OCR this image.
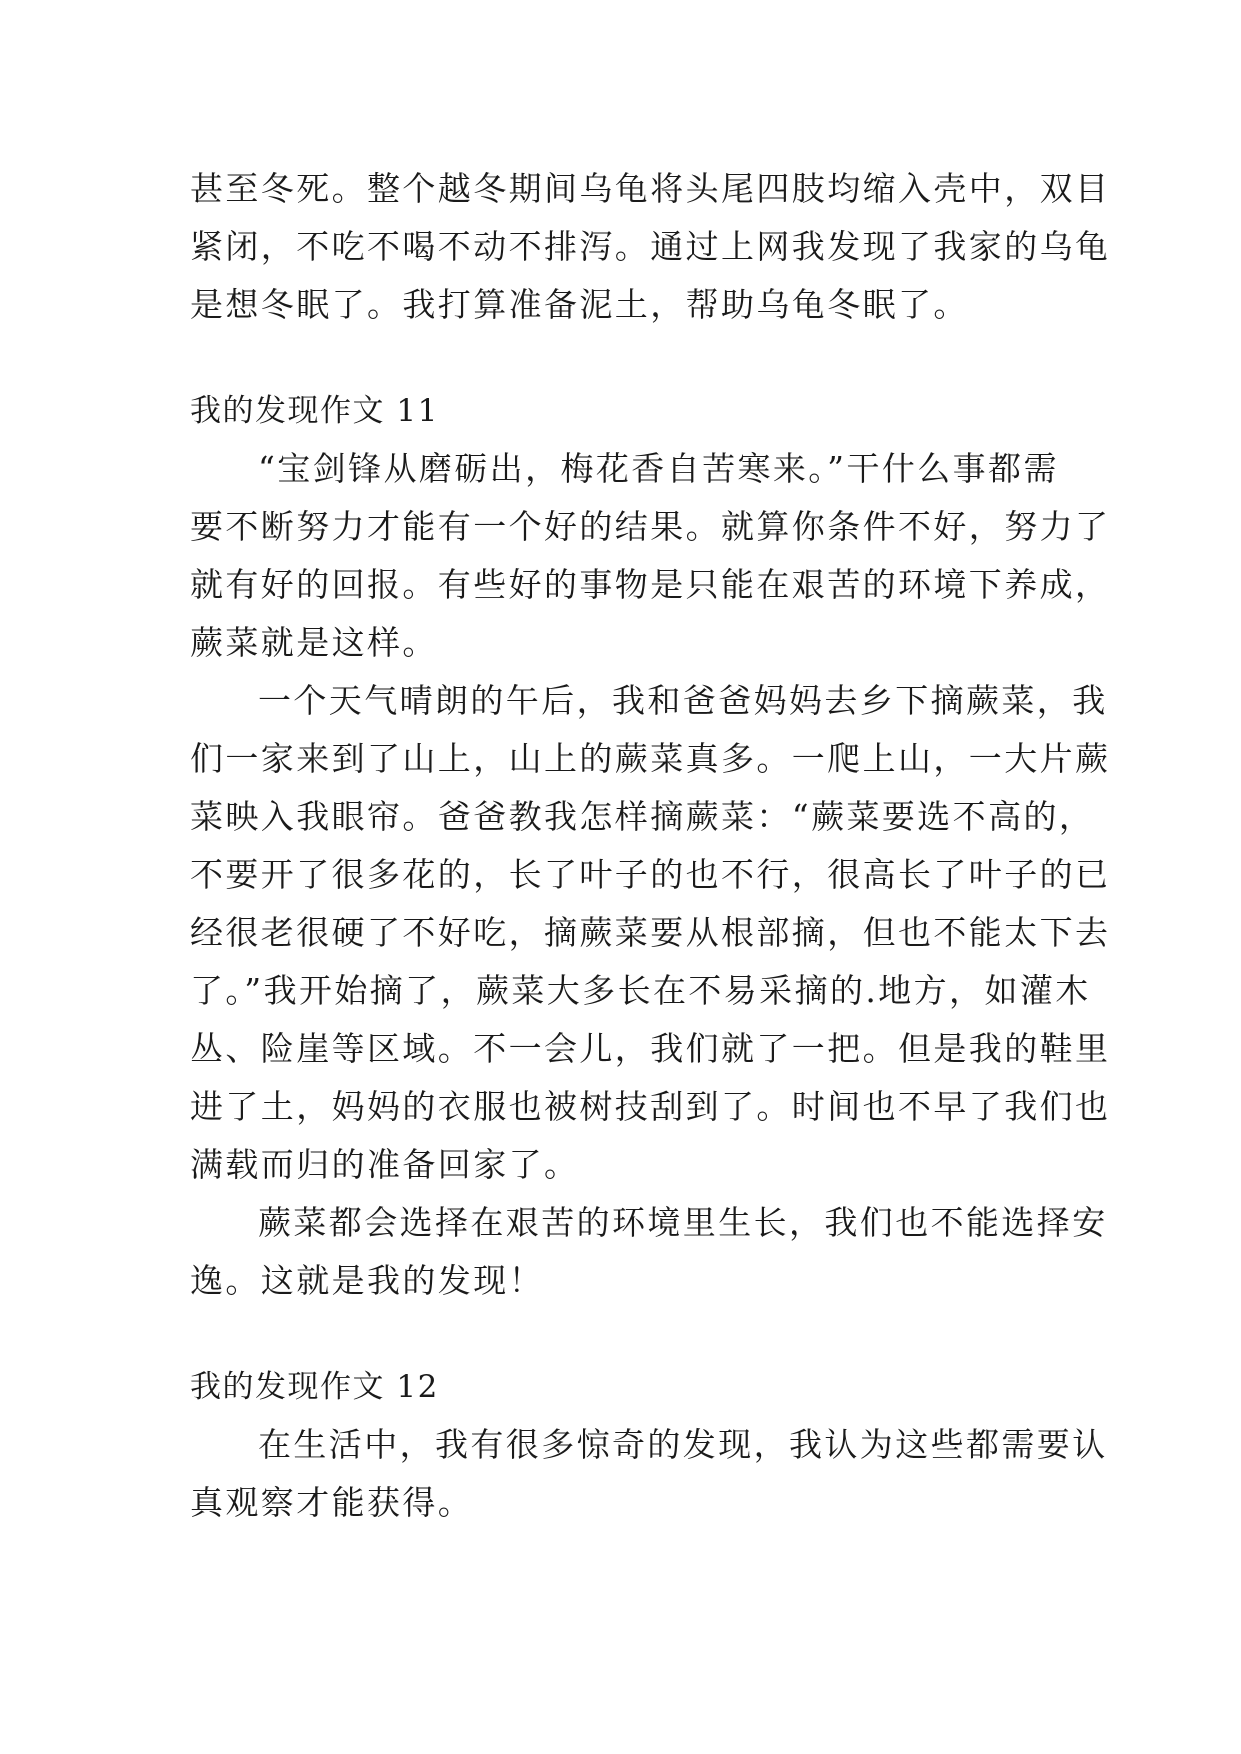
甚至冬死。整个越冬期间乌龟将头尾四肢均缩入壳中，双目
紧闭，不吃不喝不动不排泻。通过上网我发现了我家的乌龟
是想冬眠了。我打算准备泥土，帮助乌龟冬眠了。
我的发现作文 11
“宝剑锋从磨砺出，梅花香自苦寒来。”干什么事都需
要不断努力才能有一个好的结果。就算你条件不好，努力了
就有好的回报。有些好的事物是只能在艰苦的环境下养成，
蕨菜就是这样。
一个天气晴朗的午后，我和爸爸妈妈去乡下摘蕨菜，我
们一家来到了山上，山上的蕨菜真多。一爬上山，一大片蕨
菜映入我眼帘。爸爸教我怎样摘蕨菜：“蕨菜要选不高的，
不要开了很多花的，长了叶子的也不行，很高长了叶子的已
经很老很硬了不好吃，摘蕨菜要从根部摘，但也不能太下去
了。”我开始摘了，蕨菜大多长在不易采摘的.地方，如灌木
丛、险崖等区域。不一会儿，我们就了一把。但是我的鞋里
进了土，妈妈的衣服也被树技刮到了。时间也不早了我们也
满载而归的准备回家了。
蕨菜都会选择在艰苦的环境里生长，我们也不能选择安
逸。这就是我的发现！
我的发现作文 12
在生活中，我有很多惊奇的发现，我认为这些都需要认
真观察才能获得。
